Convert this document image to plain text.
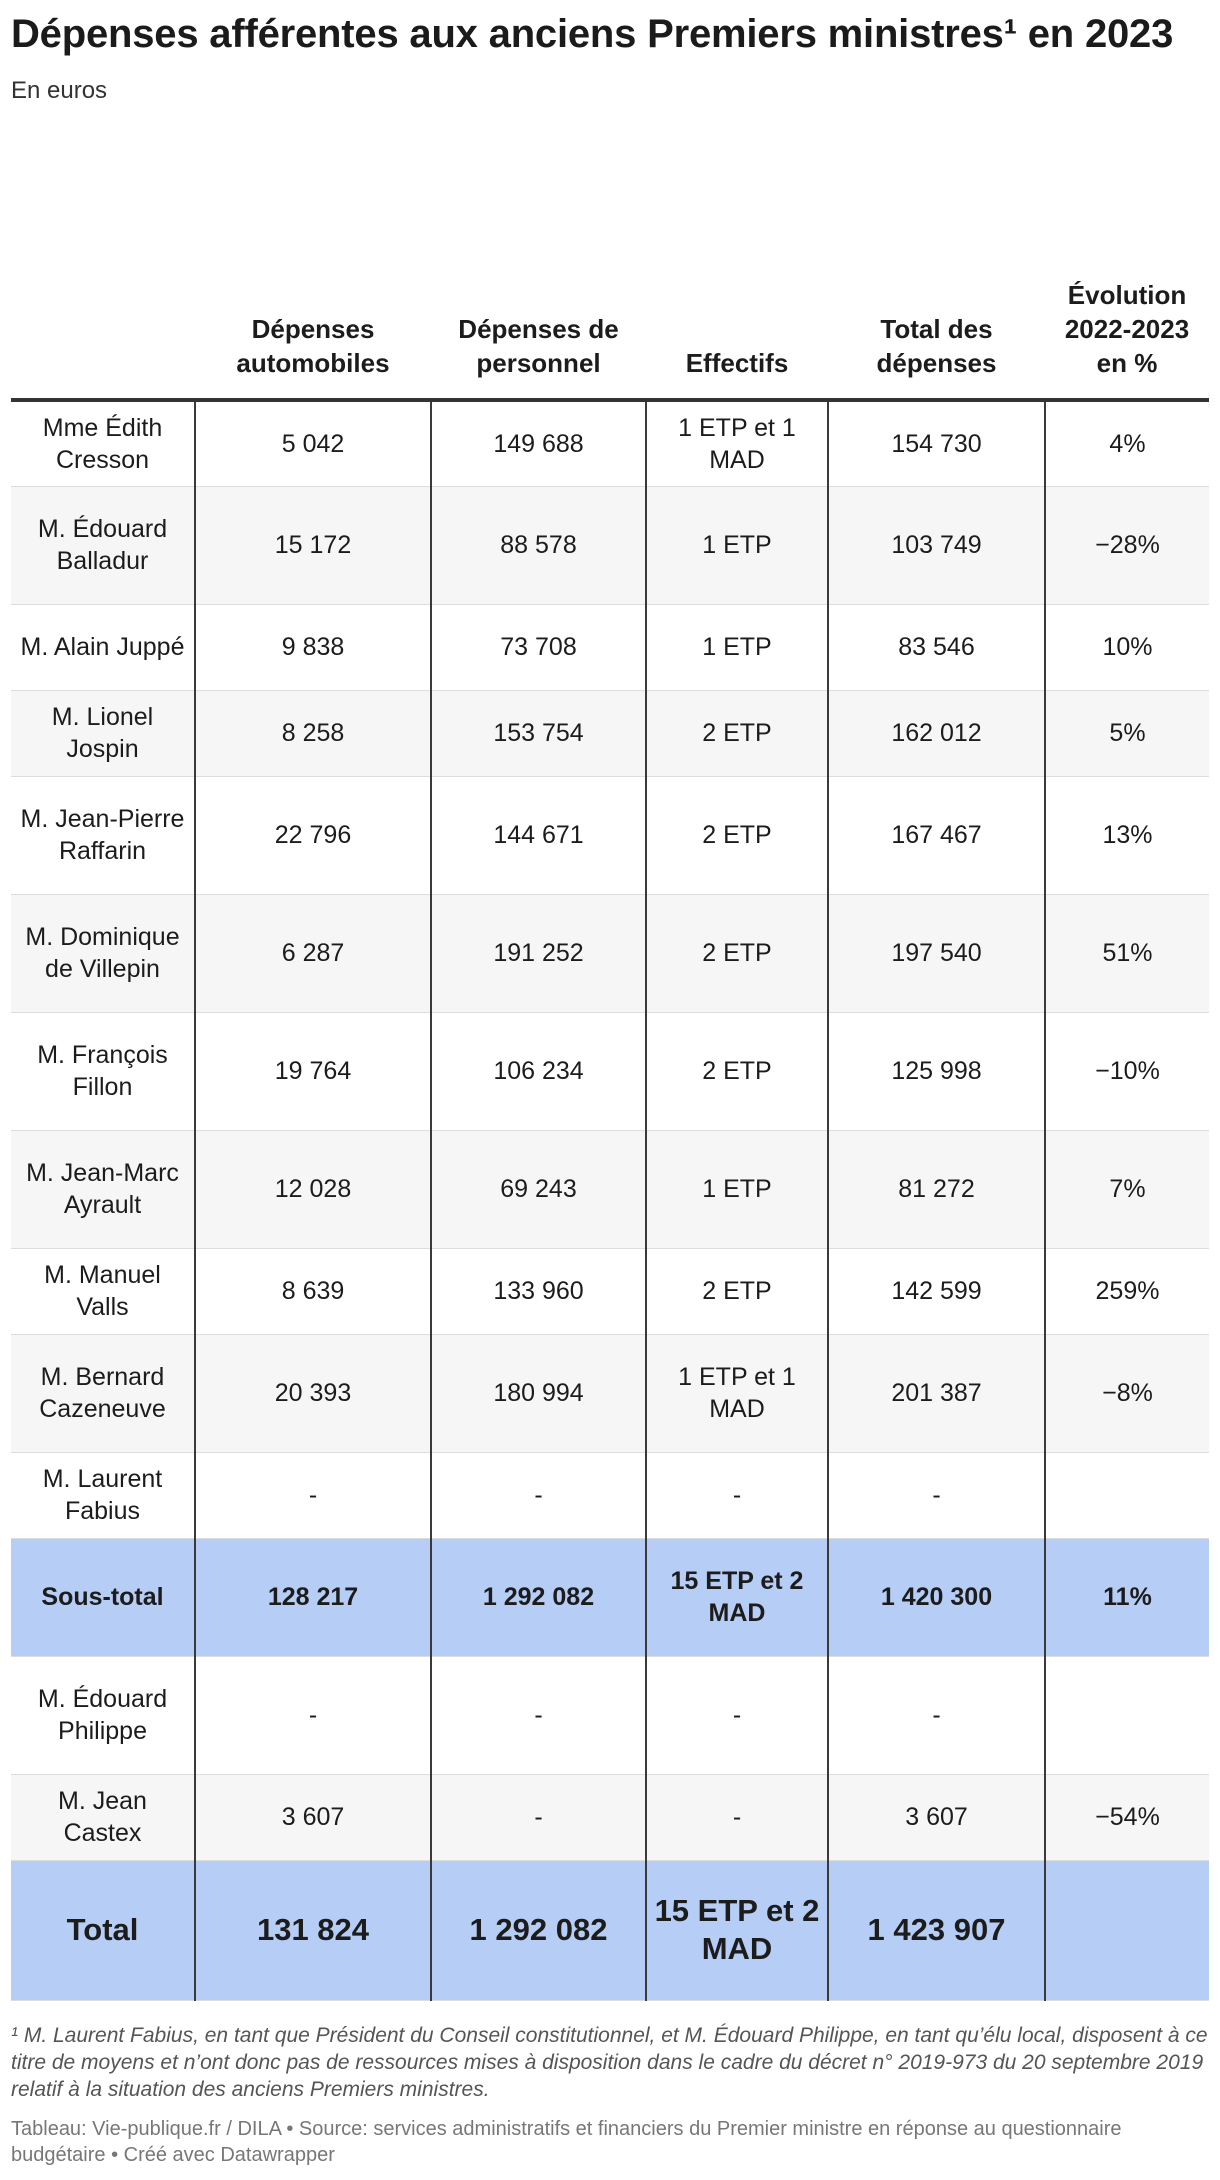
Dépenses afférentes aux anciens Premiers ministres¹ en 2023
En euros
	Dépenses automobiles	Dépenses de personnel	Effectifs	Total des dépenses	Évolution 2022-2023 en %
Mme Édith Cresson	5 042	149 688	1 ETP et 1 MAD	154 730	4%
M. Édouard Balladur	15 172	88 578	1 ETP	103 749	−28%
M. Alain Juppé	9 838	73 708	1 ETP	83 546	10%
M. Lionel Jospin	8 258	153 754	2 ETP	162 012	5%
M. Jean-Pierre Raffarin	22 796	144 671	2 ETP	167 467	13%
M. Dominique de Villepin	6 287	191 252	2 ETP	197 540	51%
M. François Fillon	19 764	106 234	2 ETP	125 998	−10%
M. Jean-Marc Ayrault	12 028	69 243	1 ETP	81 272	7%
M. Manuel Valls	8 639	133 960	2 ETP	142 599	259%
M. Bernard Cazeneuve	20 393	180 994	1 ETP et 1 MAD	201 387	−8%
M. Laurent Fabius	-	-	-	-	
Sous-total	128 217	1 292 082	15 ETP et 2 MAD	1 420 300	11%
M. Édouard Philippe	-	-	-	-	
M. Jean Castex	3 607	-	-	3 607	−54%
Total	131 824	1 292 082	15 ETP et 2 MAD	1 423 907	
¹ M. Laurent Fabius, en tant que Président du Conseil constitutionnel, et M. Édouard Philippe, en tant qu’élu local, disposent à ce titre de moyens et n’ont donc pas de ressources mises à disposition dans le cadre du décret n° 2019-973 du 20 septembre 2019 relatif à la situation des anciens Premiers ministres.
Tableau: Vie-publique.fr / DILA • Source: services administratifs et financiers du Premier ministre en réponse au questionnaire budgétaire • Créé avec Datawrapper
